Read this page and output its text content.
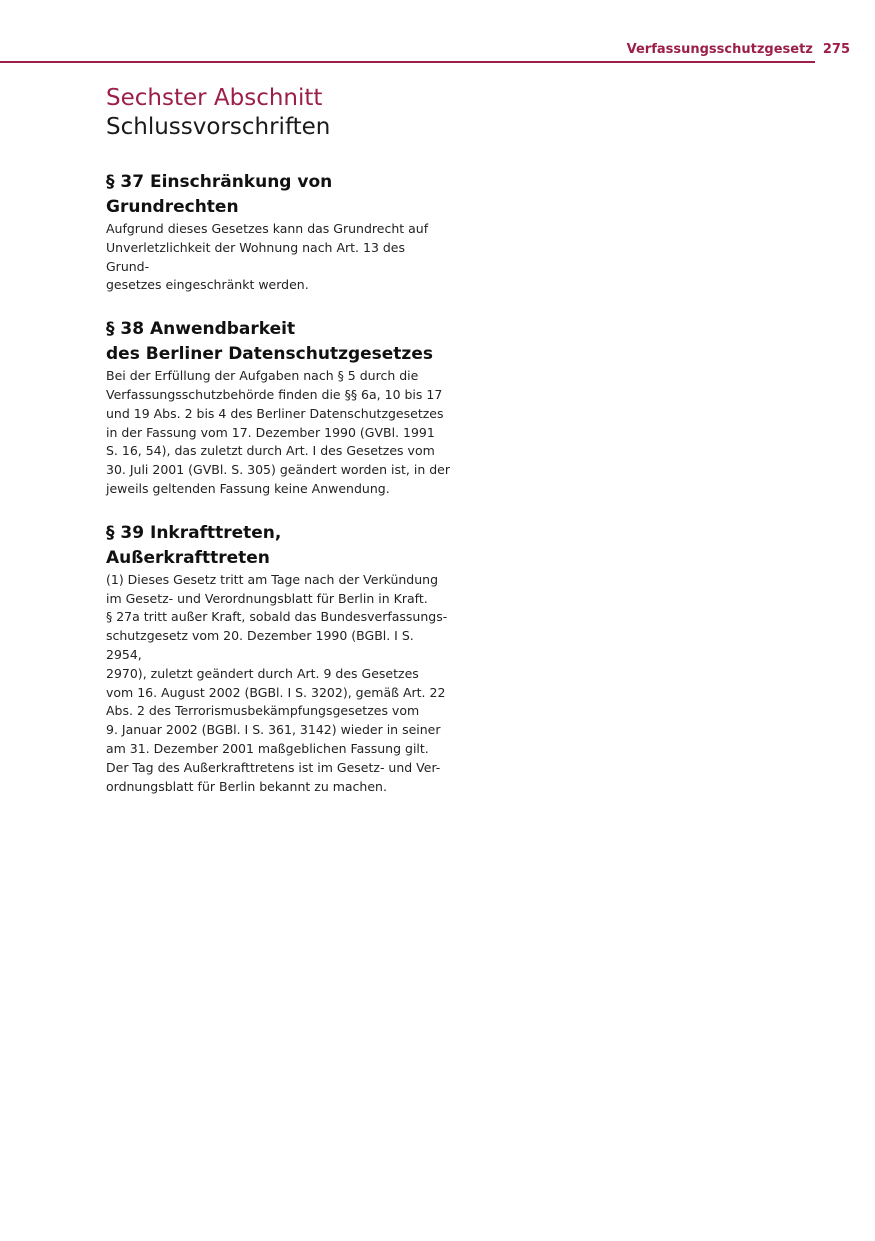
Verfassungsschutzgesetz 275
Sechster Abschnitt
Schlussvorschriften
§ 37 Einschränkung von Grundrechten
Aufgrund dieses Gesetzes kann das Grundrecht auf
Unverletzlichkeit der Wohnung nach Art. 13 des Grund-
gesetzes eingeschränkt werden.
§ 38 Anwendbarkeit
des Berliner Datenschutzgesetzes
Bei der Erfüllung der Aufgaben nach § 5 durch die
Verfassungsschutzbehörde finden die §§ 6a, 10 bis 17
und 19 Abs. 2 bis 4 des Berliner Datenschutzgesetzes
in der Fassung vom 17. Dezember 1990 (GVBl. 1991
S. 16, 54), das zuletzt durch Art. I des Gesetzes vom
30. Juli 2001 (GVBl. S. 305) geändert worden ist, in der
jeweils geltenden Fassung keine Anwendung.
§ 39 Inkrafttreten, Außerkrafttreten
(1) Dieses Gesetz tritt am Tage nach der Verkündung
im Gesetz- und Verordnungsblatt für Berlin in Kraft.
§ 27a tritt außer Kraft, sobald das Bundesverfassungs-
schutzgesetz vom 20. Dezember 1990 (BGBl. I S. 2954,
2970), zuletzt geändert durch Art. 9 des Gesetzes
vom 16. August 2002 (BGBl. I S. 3202), gemäß Art. 22
Abs. 2 des Terrorismusbekämpfungsgesetzes vom
9. Januar 2002 (BGBl. I S. 361, 3142) wieder in seiner
am 31. Dezember 2001 maßgeblichen Fassung gilt.
Der Tag des Außerkrafttretens ist im Gesetz- und Ver-
ordnungsblatt für Berlin bekannt zu machen.
